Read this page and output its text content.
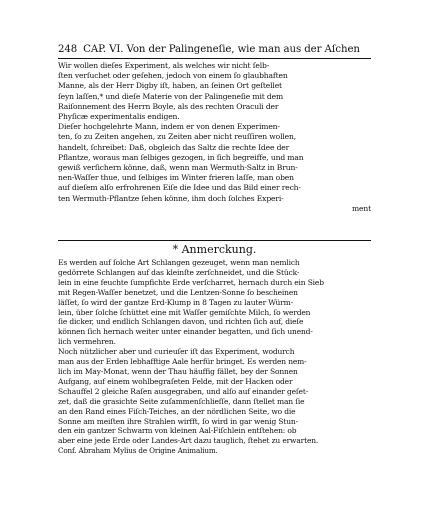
248 CAP. VI. Von der Palingeneſie, wie man aus der Aſchen
Wir wollen dieſes Experiment, als welches wir nicht ſelb-
ſten verſuchet oder geſehen, jedoch von einem ſo glaubhaften
Manne, als der Herr Digby iſt, haben, an ſeinen Ort geſtellet
ſeyn laſſen,* und dieſe Materie von der Palingeneſie mit dem
Raiſonnement des Herrn Boyle, als des rechten Oraculi der
Phyſicæ experimentalis endigen.
Dieſer hochgelehrte Mann, indem er von denen Experimen-
ten, ſo zu Zeiten angehen, zu Zeiten aber nicht reuſſiren wollen,
handelt, ſchreibet: Daß, obgleich das Saltz die rechte Idee der
Pflantze, woraus man ſelbiges gezogen, in ſich begreiffe, und man
gewiß verſichern könne, daß, wenn man Wermuth-Saltz in Brun-
nen-Waſſer thue, und ſelbiges im Winter frieren laſſe, man oben
auf dieſem alſo erfrohrenen Eiſe die Idee und das Bild einer rech-
ten Wermuth-Pflantze ſehen könne, ihm doch ſolches Experi-
ment
* Anmerckung.
Es werden auf ſolche Art Schlangen gezeuget, wenn man nemlich
gedörrete Schlangen auf das kleinſte zerſchneidet, und die Stück-
lein in eine feuchte ſumpfichte Erde verſcharret, hernach durch ein Sieb
mit Regen-Waſſer benetzet, und die Lentzen-Sonne ſo bescheinen
läſſet, ſo wird der gantze Erd-Klump in 8 Tagen zu lauter Würm-
lein, über ſolche ſchüttet eine mit Waſſer gemiſchte Milch, ſo werden
ſie dicker, und endlich Schlangen davon, und richten ſich auf, dieſe
können ſich hernach weiter unter einander begatten, und ſich unend-
lich vermehren.
Noch nützlicher aber und curieuſer iſt das Experiment, wodurch
man aus der Erden lebhafftige Aale herfür bringet. Es werden nem-
lich im May-Monat, wenn der Thau häuffig fället, bey der Sonnen
Aufgang, auf einem wohlbegraſeten Felde, mit der Hacken oder
Schauffel 2 gleiche Raſen ausgegraben, und alſo auf einander geſet-
zet, daß die grasichte Seite zuſammenſchlieſſe, dann ſtellet man ſie
an den Rand eines Fiſch-Teiches, an der nördlichen Seite, wo die
Sonne am meiſten ihre Strahlen wirfft, ſo wird in gar wenig Stun-
den ein gantzer Schwarm von kleinen Aal-Fiſchlein entſtehen: ob
aber eine jede Erde oder Landes-Art dazu tauglich, ſtehet zu erwarten.
Conf. Abraham Mylius de Origine Animalium.
